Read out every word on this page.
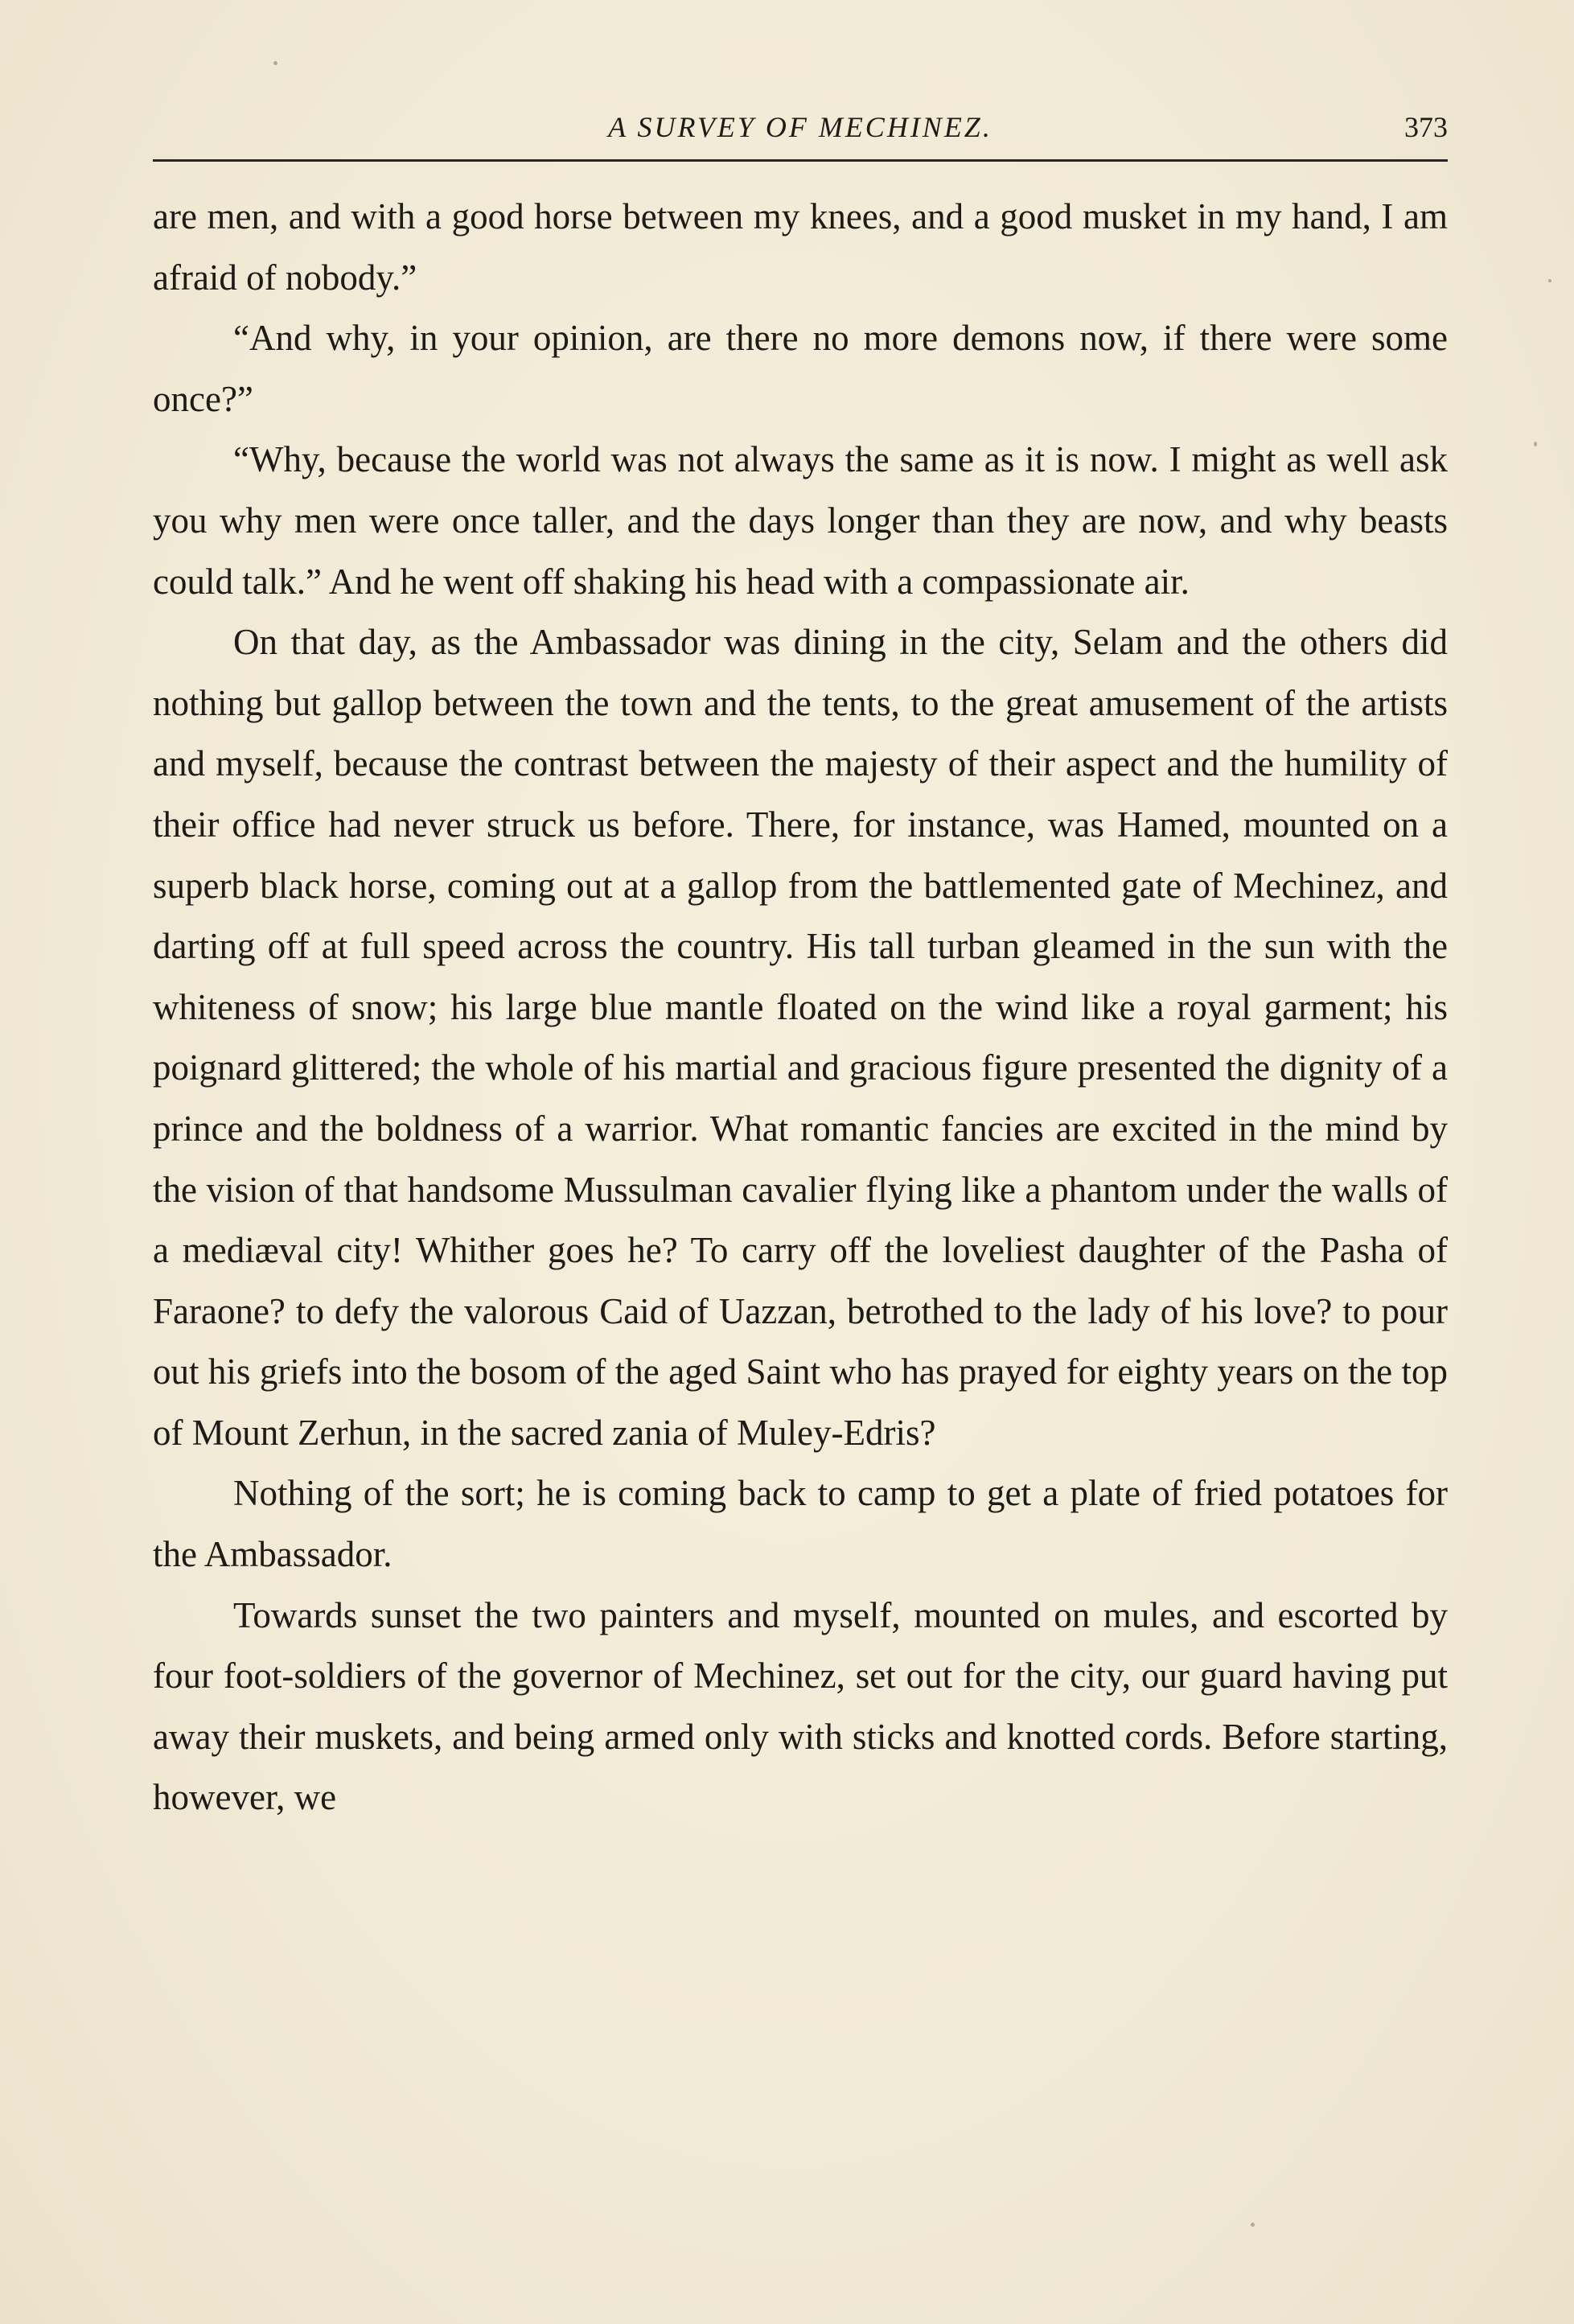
A SURVEY OF MECHINEZ.	373

are men, and with a good horse between my knees, and a good musket in my hand, I am afraid of nobody.”

“And why, in your opinion, are there no more demons now, if there were some once?”

“Why, because the world was not always the same as it is now. I might as well ask you why men were once taller, and the days longer than they are now, and why beasts could talk.” And he went off shaking his head with a compassionate air.

On that day, as the Ambassador was dining in the city, Selam and the others did nothing but gallop between the town and the tents, to the great amusement of the artists and myself, because the contrast between the majesty of their aspect and the humility of their office had never struck us before. There, for instance, was Hamed, mounted on a superb black horse, coming out at a gallop from the battlemented gate of Mechinez, and darting off at full speed across the country. His tall turban gleamed in the sun with the whiteness of snow; his large blue mantle floated on the wind like a royal garment; his poignard glittered; the whole of his martial and gracious figure presented the dignity of a prince and the boldness of a warrior. What romantic fancies are excited in the mind by the vision of that handsome Mussulman cavalier flying like a phantom under the walls of a mediæval city! Whither goes he? To carry off the loveliest daughter of the Pasha of Faraone? to defy the valorous Caid of Uazzan, betrothed to the lady of his love? to pour out his griefs into the bosom of the aged Saint who has prayed for eighty years on the top of Mount Zerhun, in the sacred zania of Muley-Edris?

Nothing of the sort; he is coming back to camp to get a plate of fried potatoes for the Ambassador.

Towards sunset the two painters and myself, mounted on mules, and escorted by four foot-soldiers of the governor of Mechinez, set out for the city, our guard having put away their muskets, and being armed only with sticks and knotted cords. Before starting, however, we
